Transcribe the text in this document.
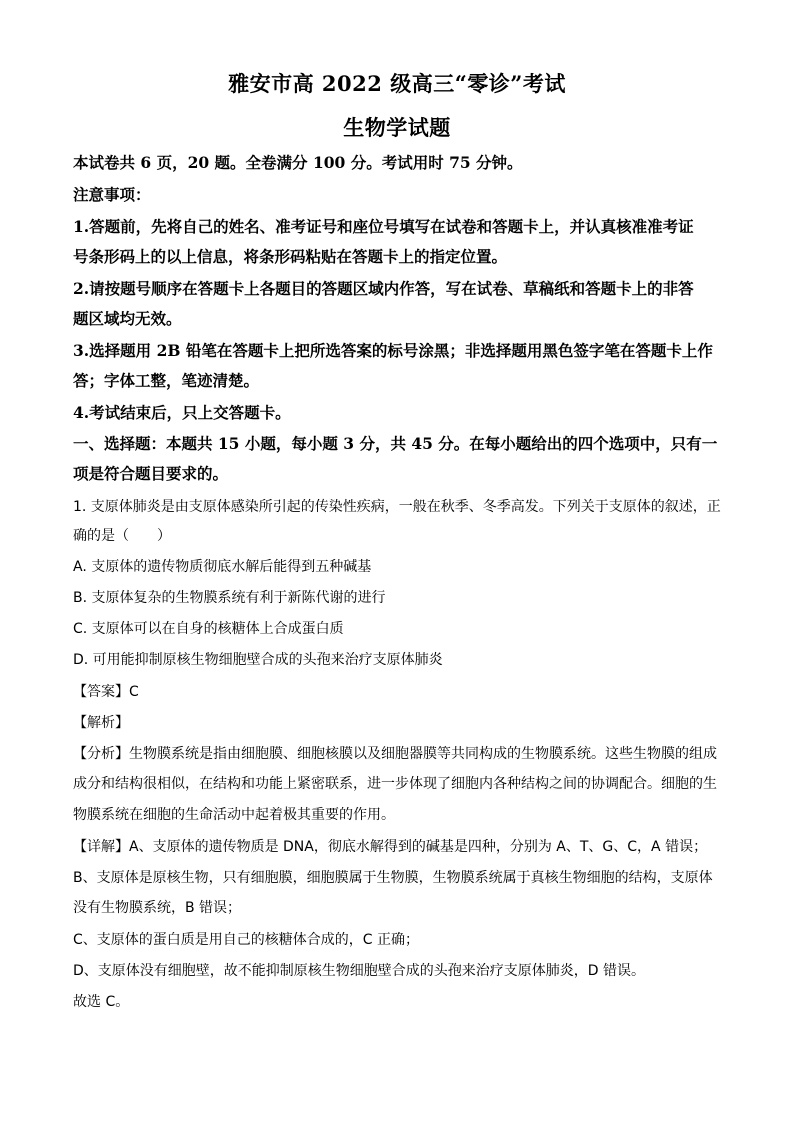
雅安市高 2022 级高三“零诊”考试
生物学试题
本试卷共 6 页，20 题。全卷满分 100 分。考试用时 75 分钟。
注意事项：
1.答题前，先将自己的姓名、准考证号和座位号填写在试卷和答题卡上，并认真核准准考证
号条形码上的以上信息，将条形码粘贴在答题卡上的指定位置。
2.请按题号顺序在答题卡上各题目的答题区域内作答，写在试卷、草稿纸和答题卡上的非答
题区域均无效。
3.选择题用 2B 铅笔在答题卡上把所选答案的标号涂黑；非选择题用黑色签字笔在答题卡上作
答；字体工整，笔迹清楚。
4.考试结束后，只上交答题卡。
一、选择题：本题共 15 小题，每小题 3 分，共 45 分。在每小题给出的四个选项中，只有一
项是符合题目要求的。
1. 支原体肺炎是由支原体感染所引起的传染性疾病，一般在秋季、冬季高发。下列关于支原体的叙述，正
确的是（　　）
A. 支原体的遗传物质彻底水解后能得到五种碱基
B. 支原体复杂的生物膜系统有利于新陈代谢的进行
C. 支原体可以在自身的核糖体上合成蛋白质
D. 可用能抑制原核生物细胞壁合成的头孢来治疗支原体肺炎
【答案】C
【解析】
【分析】生物膜系统是指由细胞膜、细胞核膜以及细胞器膜等共同构成的生物膜系统。这些生物膜的组成
成分和结构很相似，在结构和功能上紧密联系，进一步体现了细胞内各种结构之间的协调配合。细胞的生
物膜系统在细胞的生命活动中起着极其重要的作用。
【详解】A、支原体的遗传物质是 DNA，彻底水解得到的碱基是四种，分别为 A、T、G、C，A 错误；
B、支原体是原核生物，只有细胞膜，细胞膜属于生物膜，生物膜系统属于真核生物细胞的结构，支原体
没有生物膜系统，B 错误；
C、支原体的蛋白质是用自己的核糖体合成的，C 正确；
D、支原体没有细胞壁，故不能抑制原核生物细胞壁合成的头孢来治疗支原体肺炎，D 错误。
故选 C。
